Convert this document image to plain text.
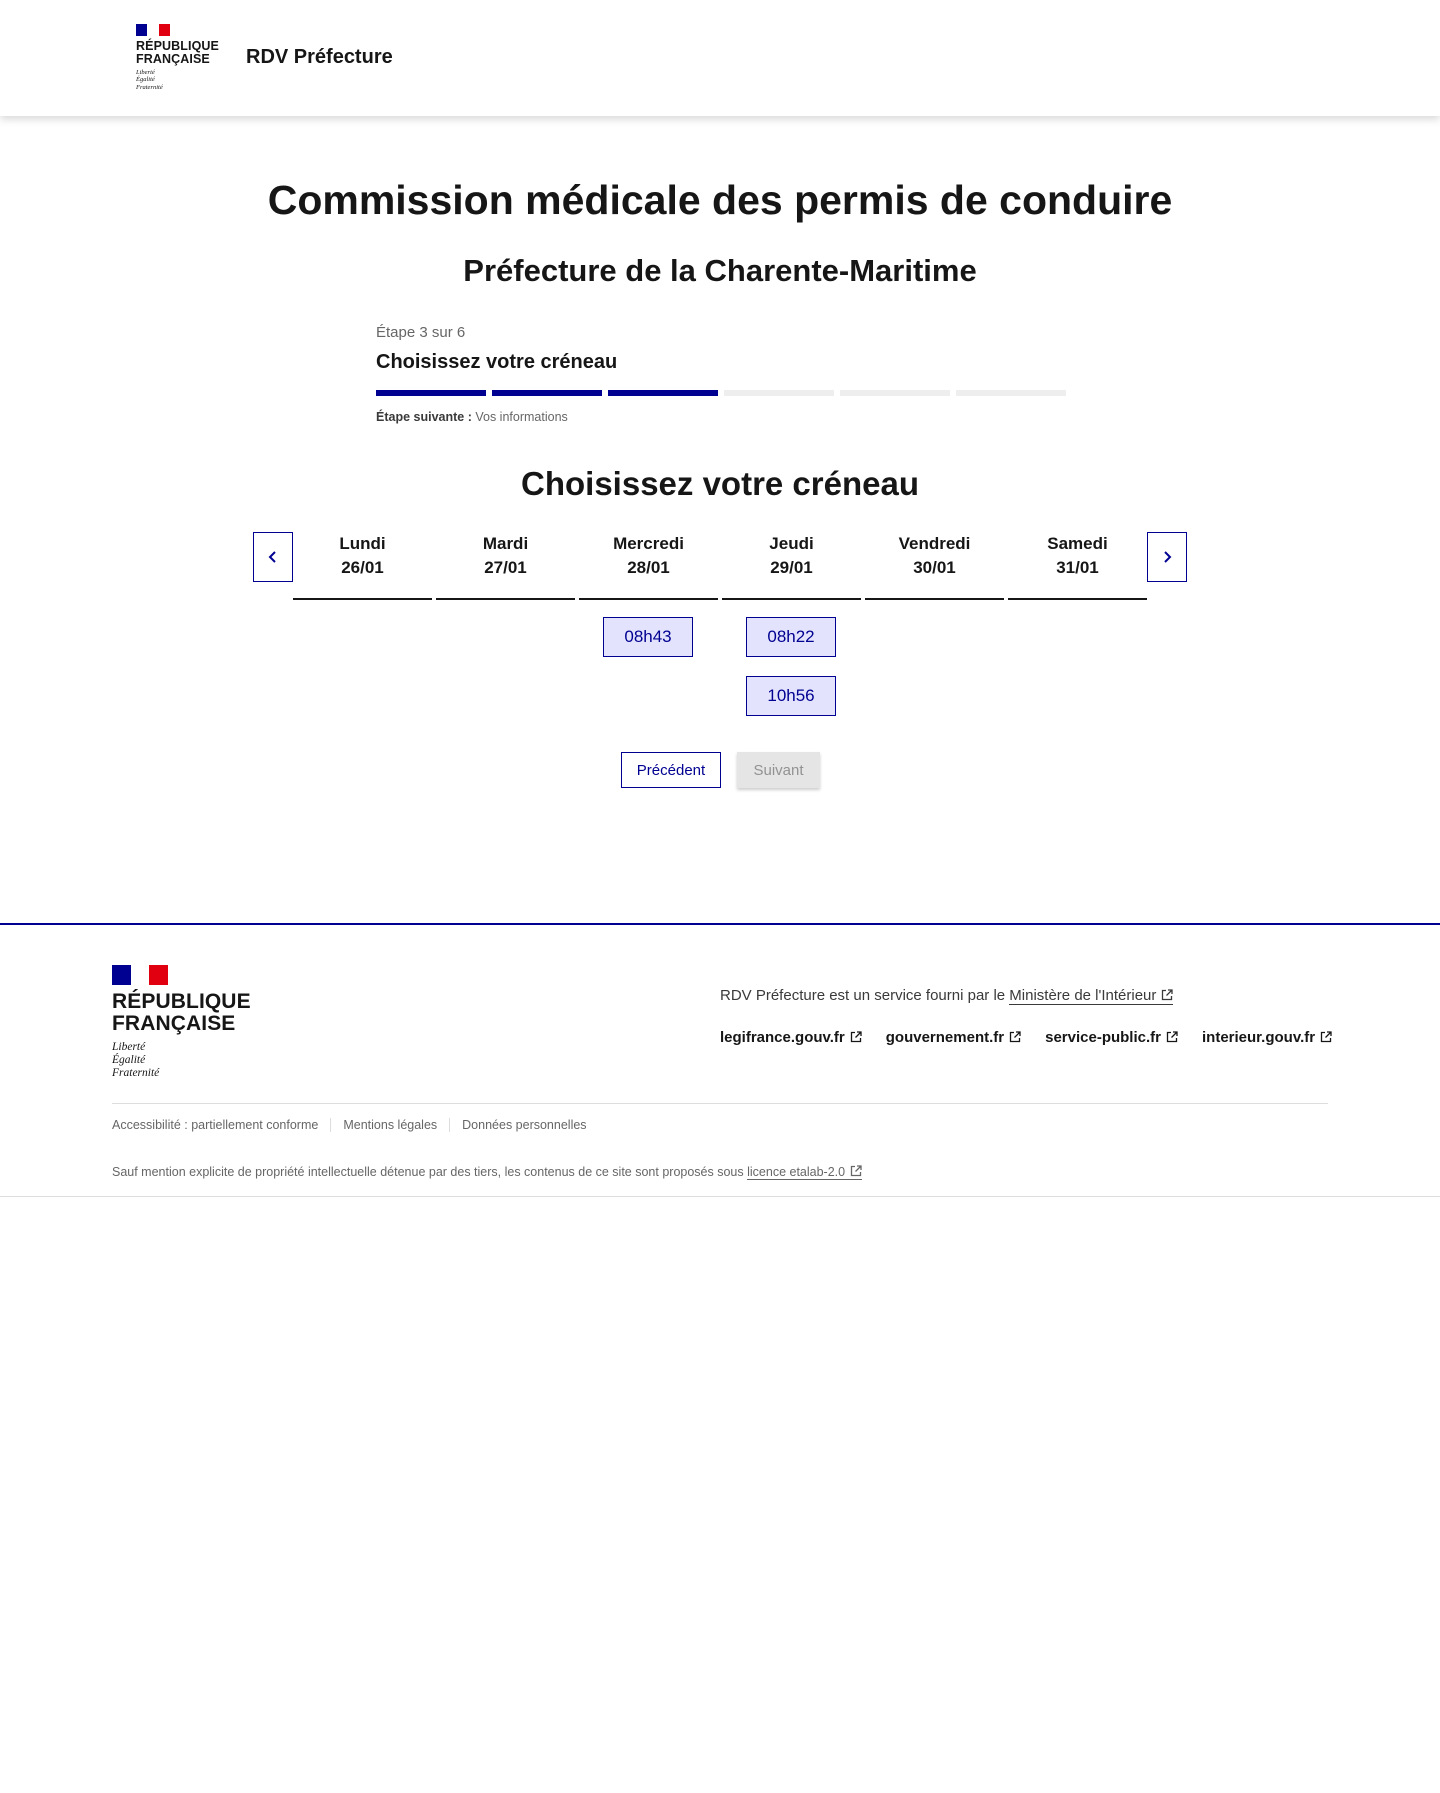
RÉPUBLIQUE
FRANÇAISE
Liberté
Égalité
Fraternité
RDV Préfecture
Commission médicale des permis de conduire
Préfecture de la Charente-Maritime
Étape 3 sur 6
Choisissez votre créneau
Étape suivante : Vos informations
Choisissez votre créneau
Lundi
26/01
Mardi
27/01
Mercredi
28/01
08h43
Jeudi
29/01
08h22
10h56
Vendredi
30/01
Samedi
31/01
Précédent	Suivant
RÉPUBLIQUE
FRANÇAISE
Liberté
Égalité
Fraternité
RDV Préfecture est un service fourni par le Ministère de l'Intérieur
legifrance.gouv.fr	gouvernement.fr	service-public.fr	interieur.gouv.fr
Accessibilité : partiellement conforme	Mentions légales	Données personnelles
Sauf mention explicite de propriété intellectuelle détenue par des tiers, les contenus de ce site sont proposés sous licence etalab-2.0
